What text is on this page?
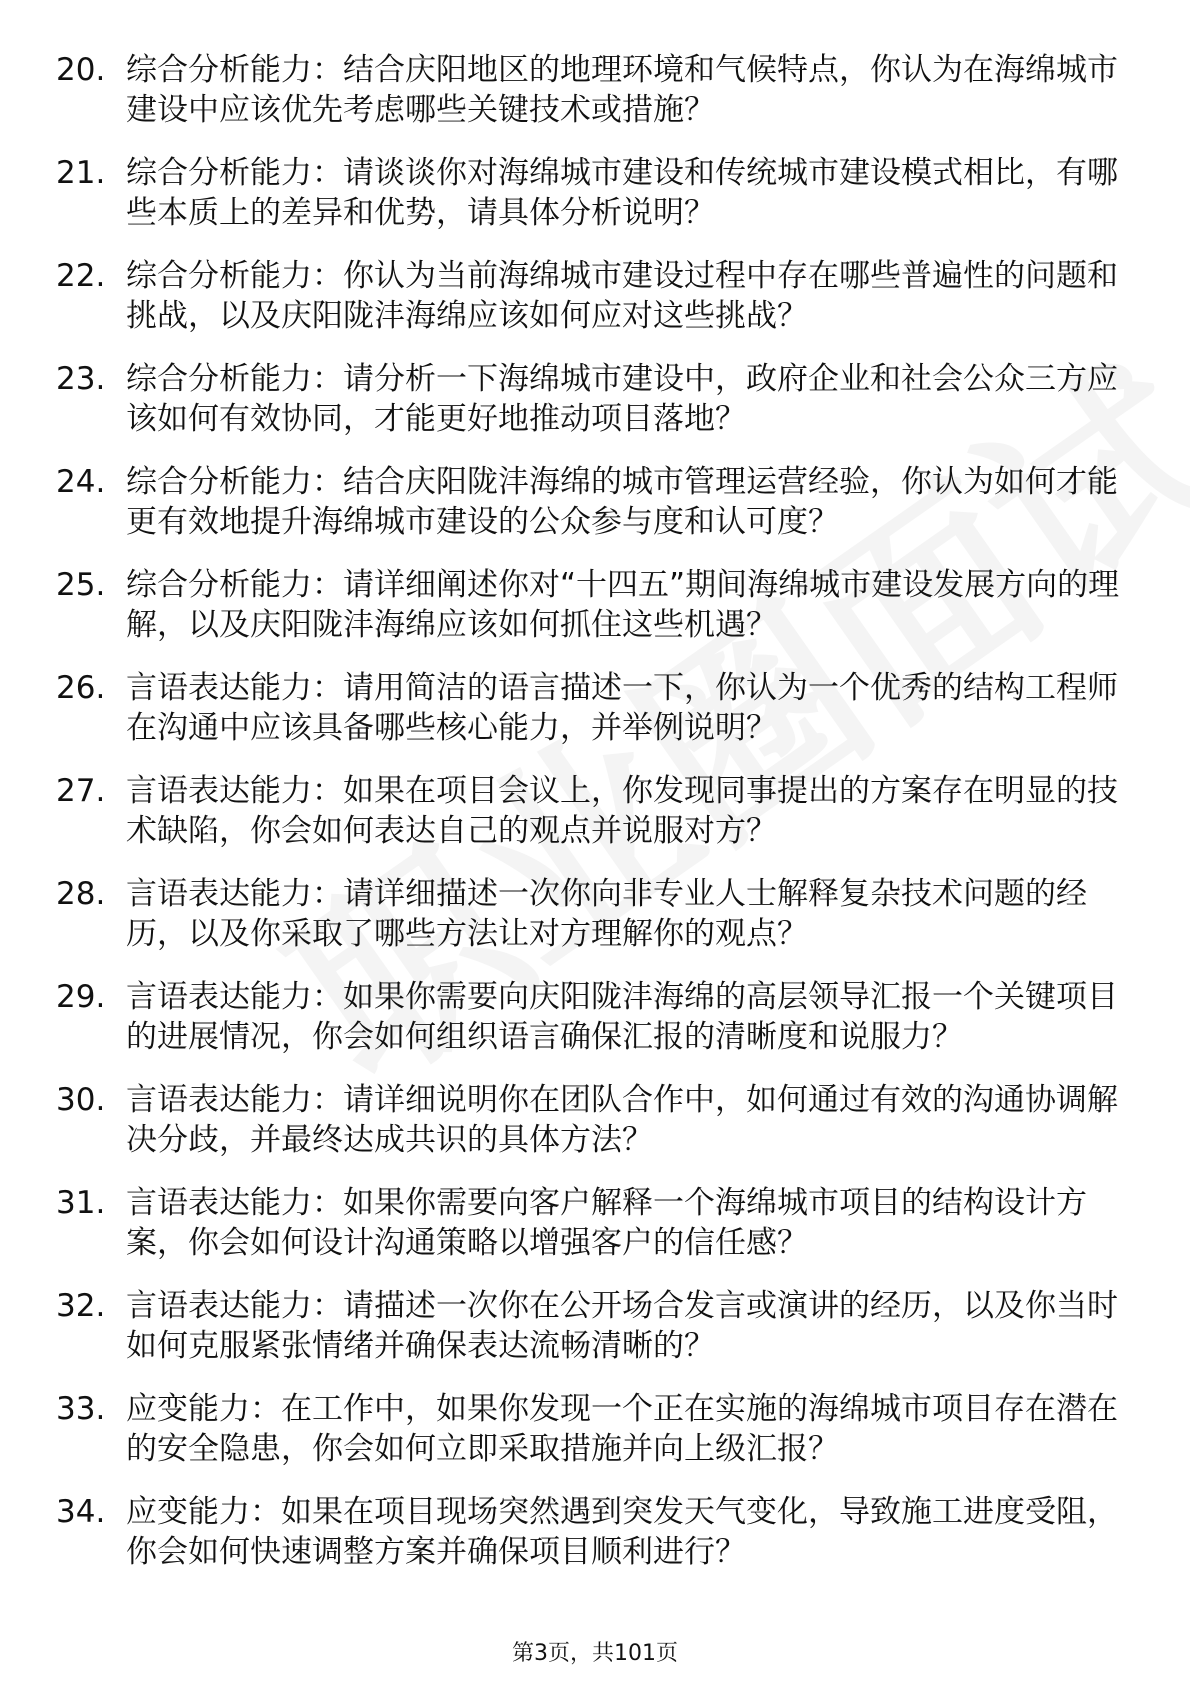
20. 综合分析能力：结合庆阳地区的地理环境和气候特点，你认为在海绵城市建设中应该优先考虑哪些关键技术或措施？
21. 综合分析能力：请谈谈你对海绵城市建设和传统城市建设模式相比，有哪些本质上的差异和优势，请具体分析说明？
22. 综合分析能力：你认为当前海绵城市建设过程中存在哪些普遍性的问题和挑战，以及庆阳陇沣海绵应该如何应对这些挑战？
23. 综合分析能力：请分析一下海绵城市建设中，政府企业和社会公众三方应该如何有效协同，才能更好地推动项目落地？
24. 综合分析能力：结合庆阳陇沣海绵的城市管理运营经验，你认为如何才能更有效地提升海绵城市建设的公众参与度和认可度？
25. 综合分析能力：请详细阐述你对“十四五”期间海绵城市建设发展方向的理解，以及庆阳陇沣海绵应该如何抓住这些机遇？
26. 言语表达能力：请用简洁的语言描述一下，你认为一个优秀的结构工程师在沟通中应该具备哪些核心能力，并举例说明？
27. 言语表达能力：如果在项目会议上，你发现同事提出的方案存在明显的技术缺陷，你会如何表达自己的观点并说服对方？
28. 言语表达能力：请详细描述一次你向非专业人士解释复杂技术问题的经历，以及你采取了哪些方法让对方理解你的观点？
29. 言语表达能力：如果你需要向庆阳陇沣海绵的高层领导汇报一个关键项目的进展情况，你会如何组织语言确保汇报的清晰度和说服力？
30. 言语表达能力：请详细说明你在团队合作中，如何通过有效的沟通协调解决分歧，并最终达成共识的具体方法？
31. 言语表达能力：如果你需要向客户解释一个海绵城市项目的结构设计方案，你会如何设计沟通策略以增强客户的信任感？
32. 言语表达能力：请描述一次你在公开场合发言或演讲的经历，以及你当时如何克服紧张情绪并确保表达流畅清晰的？
33. 应变能力：在工作中，如果你发现一个正在实施的海绵城市项目存在潜在的安全隐患，你会如何立即采取措施并向上级汇报？
34. 应变能力：如果在项目现场突然遇到突发天气变化，导致施工进度受阻，你会如何快速调整方案并确保项目顺利进行？
第3页，共101页
